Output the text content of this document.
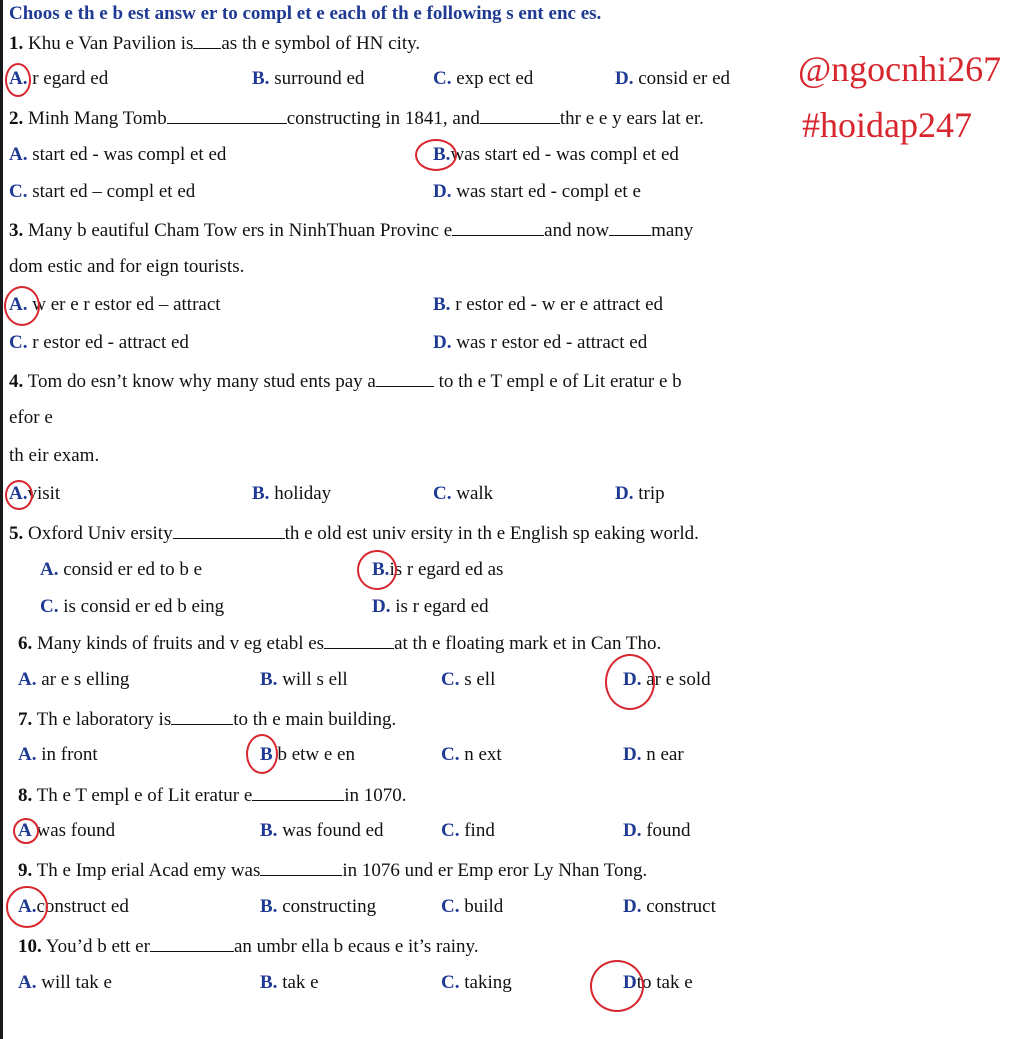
Choos e th e b est answ er to compl et e each of th e following s ent enc es.
@ngocnhi267
#hoidap247
1. Khu e Van Pavilion is as th e symbol of HN city.
A. r egard ed	B. surround ed	C. exp ect ed	D. consid er ed
2. Minh Mang Tomb	constructing in 1841, and	thr e e y ears lat er.
A. start ed - was compl et ed	B.was start ed - was compl et ed
C. start ed – compl et ed	D. was start ed - compl et e
3. Many b eautiful Cham Tow ers in NinhThuan Provinc e	and now many
dom estic and for eign tourists.
A. w er e r estor ed – attract	B. r estor ed - w er e attract ed
C. r estor ed - attract ed	D. was r estor ed - attract ed
4. Tom do esn’t know why many stud ents pay a	to th e T empl e of Lit eratur e b
efor e
th eir exam.
A.visit	B. holiday	C. walk	D. trip
5. Oxford Univ ersity	th e old est univ ersity in th e English sp eaking world.
A. consid er ed to b e	B.is r egard ed as
C. is consid er ed b eing	D. is r egard ed
6. Many kinds of fruits and v eg etabl es	at th e floating mark et in Can Tho.
A. ar e s elling	B. will s ell	C. s ell	D. ar e sold
7. Th e laboratory is	to th e main building.
A. in front	B b etw e en	C. n ext	D. n ear
8. Th e T empl e of Lit eratur e	in 1070.
A was found	B. was found ed	C. find	D. found
9. Th e Imp erial Acad emy was	in 1076 und er Emp eror Ly Nhan Tong.
A.construct ed	B. constructing	C. build	D. construct
10. You’d b ett er	an umbr ella b ecaus e it’s rainy.
A. will tak e	B. tak e	C. taking	Dto tak e
